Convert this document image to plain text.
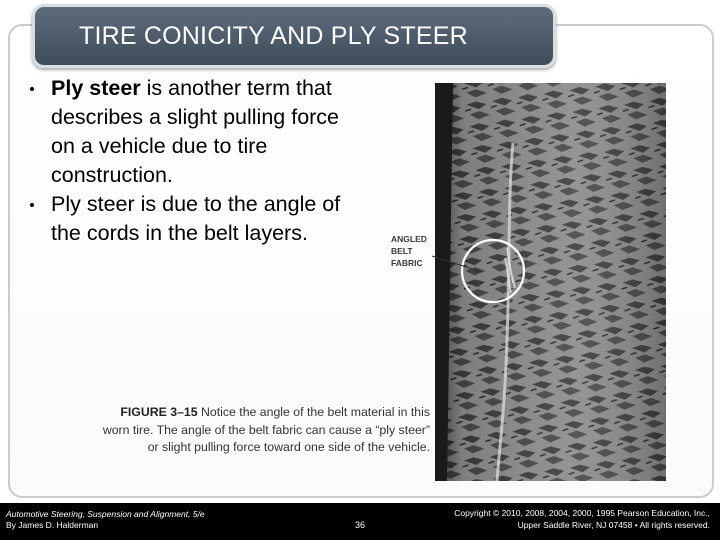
TIRE CONICITY AND PLY STEER
Ply steer is another term that describes a slight pulling force on a vehicle due to tire construction.
Ply steer is due to the angle of the cords in the belt layers.	ANGLED
BELT
FABRIC
FIGURE 3–15 Notice the angle of the belt material in this worn tire. The angle of the belt fabric can cause a “ply steer” or slight pulling force toward one side of the vehicle.
Automotive Steering, Suspension and Alignment, 5/e
By James D. Halderman	36
Copyright © 2010, 2008, 2004, 2000, 1995 Pearson Education, Inc.,
Upper Saddle River, NJ 07458 • All rights reserved.
